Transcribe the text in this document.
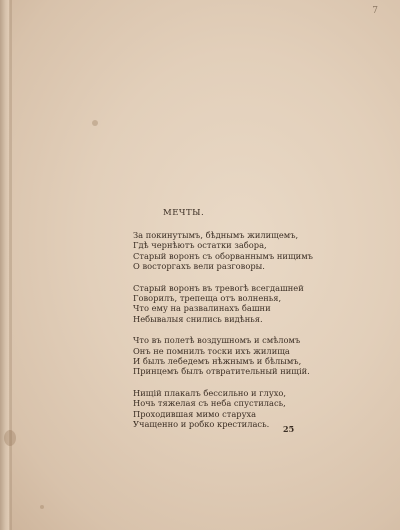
7
МЕЧТЫ.
За покинутымъ, бѣднымъ жилищемъ,
Гдѣ чернѣютъ остатки забора,
Старый воронъ съ оборваннымъ нищимъ
О восторгахъ вели разговоры.
Старый воронъ въ тревогѣ всегдашней
Говорилъ, трепеща отъ волненья,
Что ему на развалинахъ башни
Небывалыя снились видѣнья.
Что въ полетѣ воздушномъ и смѣломъ
Онъ не помнилъ тоски ихъ жилища
И былъ лебедемъ нѣжнымъ и бѣлымъ,
Принцемъ былъ отвратительный нищій.
Нищій плакалъ бессильно и глухо,
Ночь тяжелая съ неба спустилась,
Проходившая мимо старуха
Учащенно и робко крестилась.	25
